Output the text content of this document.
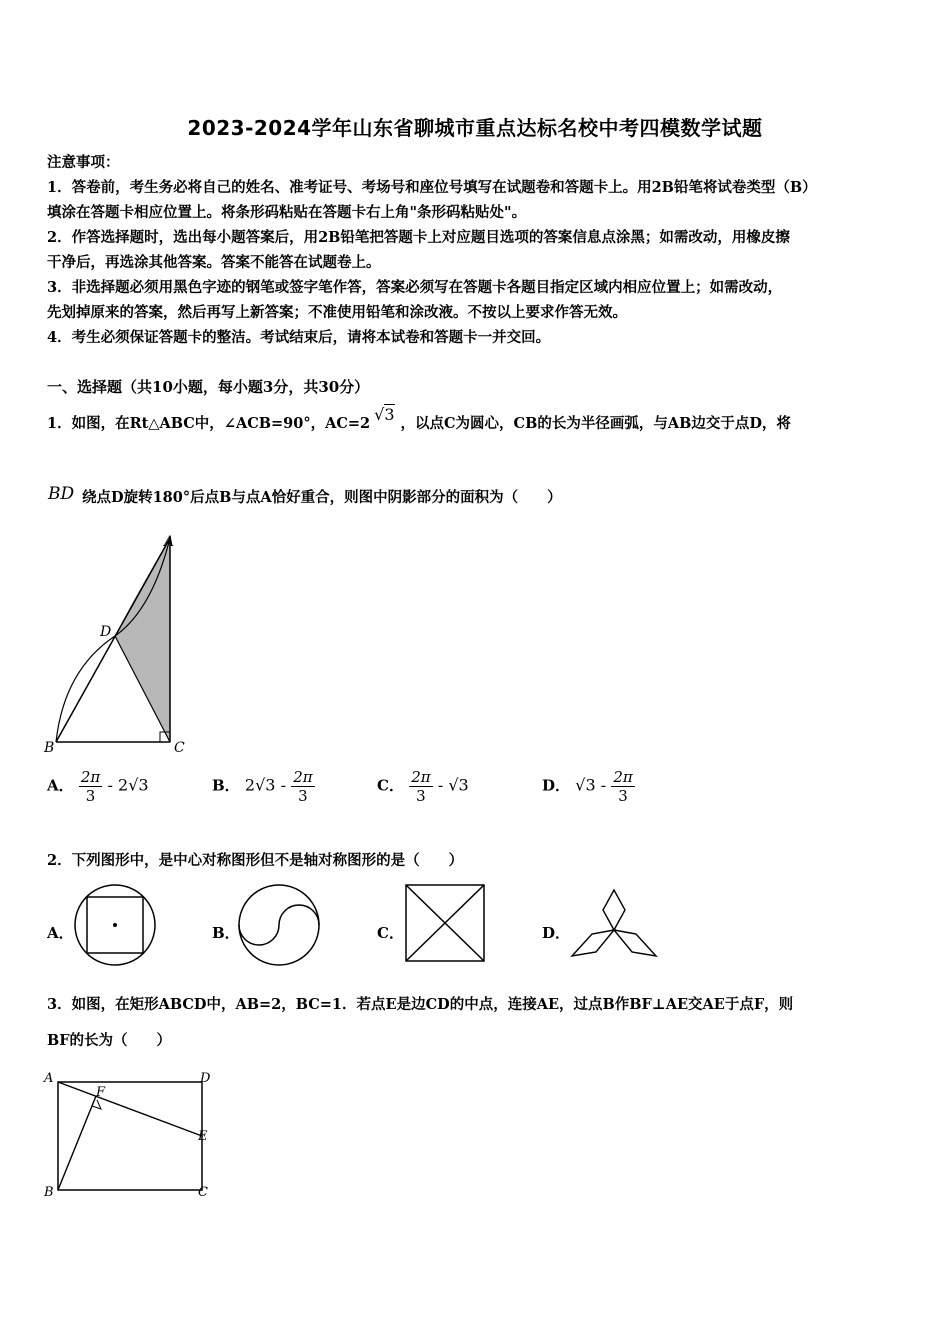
2023-2024学年山东省聊城市重点达标名校中考四模数学试题
注意事项：
1．答卷前，考生务必将自己的姓名、准考证号、考场号和座位号填写在试题卷和答题卡上。用2B铅笔将试卷类型（B）
填涂在答题卡相应位置上。将条形码粘贴在答题卡右上角"条形码粘贴处"。
2．作答选择题时，选出每小题答案后，用2B铅笔把答题卡上对应题目选项的答案信息点涂黑；如需改动，用橡皮擦
干净后，再选涂其他答案。答案不能答在试题卷上。
3．非选择题必须用黑色字迹的钢笔或签字笔作答，答案必须写在答题卡各题目指定区域内相应位置上；如需改动，
先划掉原来的答案，然后再写上新答案；不准使用铅笔和涂改液。不按以上要求作答无效。
4．考生必须保证答题卡的整洁。考试结束后，请将本试卷和答题卡一并交回。
一、选择题（共10小题，每小题3分，共30分）
1．如图，在Rt△ABC中，∠ACB=90°，AC=2 √3 ，以点C为圆心，CB的长为半径画弧，与AB边交于点D，将
BD 绕点D旋转180°后点B与点A恰好重合，则图中阴影部分的面积为（　　）
A
D
B	C
A． $\frac{2\pi}{3} - 2√3$	B． $2√3 - \frac{2\pi}{3}$	C． $\frac{2\pi}{3} - √3$	D． $√3 - \frac{2\pi}{3}$
2．下列图形中，是中心对称图形但不是轴对称图形的是（　　）
A．	B．	C．	D．
3．如图，在矩形ABCD中，AB=2，BC=1．若点E是边CD的中点，连接AE，过点B作BF⊥AE交AE于点F，则
BF的长为（　　）
A
F
D
E
B	C
